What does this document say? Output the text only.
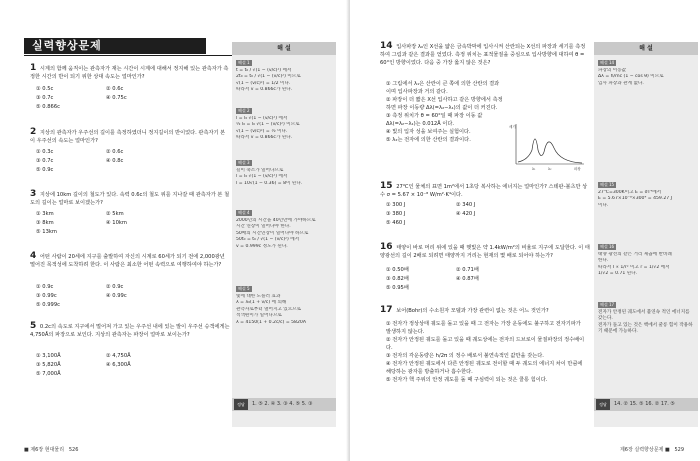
실력향상문제
1 시계의 함께 움직이는 관측자가 재는 시간이 시계에 대해서 정지해 있는 관측자가 측정한 시간의 반이 되기 위한 상대 속도는 얼마인가?
① 0.5c	② 0.6c
③ 0.7c	④ 0.75c
⑤ 0.866c
2 지상의 관측자가 우주선의 길이를 측정하였더니 정지길이의 반이었다. 관측자기 본 이 우주선의 속도는 얼마인가?
① 0.3c	② 0.6c
③ 0.7c	④ 0.8c
⑤ 0.9c
3 지상에 10km 길이의 철도가 있다. 속력 0.6c의 철도 위를 지나갈 때 관측자가 본 철도의 길이는 얼마로 보이겠는가?
① 3km	② 5km
③ 8km	④ 10km
⑤ 13km
4 어떤 사람이 20세에 지구를 출발하여 자신의 시계로 60세가 되기 전에 2,000광년 떨어진 목적성에 도착하려 한다. 이 사람은 최소한 어떤 속력으로 여행하여야 하는가?
① 0.9c	② 0.9c
③ 0.99c	④ 0.99c
⑤ 0.999c
5 0.2c의 속도로 지구에서 멀어져 가고 있는 우주선 내에 있는 발이 우주선 승객에게는 4,750Å의 파장으로 보인다. 지상의 관측자는 파장이 얼마로 보이는가?
① 3,100Å	② 4,750Å
③ 5,820Å	④ 6,300Å
⑤ 7,000Å
해 설
해설 1
t = t₀ / √(1 − (v/c)²) 에서
2t₀ = t₀ / √(1 − (v/c)²) 이므로
√(1 − (v/c)²) = 1/2 이다.
따라서 v = 0.866c가 된다.
해설 2
l = l₀ √(1 − (v/c)²) 에서
½ l₀ = l₀ √(1 − (v/c)²) 이므로
√(1 − (v/c)²) = ½ 이다.
따라서 v = 0.866c가 된다.
해설 3
길이 축소가 일어나므로
l = l₀ √(1 − (v/c)²) 에서
l = 10√(1 − 0.36) = 8이 된다.
해설 4
2000년의 시간을 40년만에 가야하므로
시간 연장이 일어나야 한다.
50배의 시간연장이 일어나야 하므로
50t₀ = t₀ / √(1 − (v/c)²) 에서
v = 0.999c 정도가 된다.
해설 5
빛에 대한 도플러 효과
λ = λ₀(1 + v/c) 에 의해
관측자로부터 멀어지고 있으므로
적색편이가 일어나므로
λ = 4150(1 + 0.2c/c) = 5820Å
정답	1. ⑤ 2. ④ 3. ③ 4. ⑤ 5. ③
■ 제6장 현대물리 526
14 입사파장 λ₀인 X선을 얇은 금속박막에 입사시켜 산란되는 X선의 파장과 세기를 측정하여 그림과 같은 결과를 얻었다. 측정 위치는 표적물질을 중심으로 입사방향에 대하여 θ = 60°인 방향이었다. 다음 중 가장 옳지 않은 것은?
① 그림에서 λ₁은 산란이 큰 쪽에 의한 산란의 결과이며 입사파장과 거의 같다.
② 파장이 더 짧은 X선 입사하고 같은 방향에서 측정하면 파장 이동량 Δλ(=λ₂−λ₁)의 값이 더 커진다.
③ 측정 위치가 θ = 60°일 때 파장 이동 값 Δλ(=λ₂−λ₁)는 0.012Å 이다.
④ 빛의 입자 성을 보여주는 실험이다.
⑤ λ₂는 전자에 의한 산란의 결과이다.
세기
파장
λ₁	λ₂
15 27℃인 물체의 표면 1m²에서 1초당 복사하는 에너지는 얼마인가? 스테판-볼츠만 상수 σ = 5.67 × 10⁻⁸ W/m²·K⁴이다.
① 300 J	② 340 J
③ 380 J	④ 420 J
⑤ 460 J
16 태양이 바로 머리 위에 있을 때 햇빛은 약 1.4kW/m²의 비율로 지구에 도달한다. 이 태양광선의 길이 2배로 되려면 태양까지 거리는 현재의 몇 배로 되어야 하는가?
① 0.50배	② 0.71배
③ 0.82배	④ 0.87배
⑤ 0.95배
17 보어(Bohr)의 수소원자 모델과 가장 관련이 없는 것은 어느 것인가?
① 전자가 정상상태 궤도를 돌고 있을 때 그 전자는 가장 운동에도 불구하고 전자기파가 발생하지 않는다.
② 전자가 안정된 궤도를 돌고 있을 때 궤도상에는 전자의 드브로이 물질파장의 정수배이다.
③ 전자의 각운동량은 h/2π 의 정수 배로서 불연속적인 값만을 갖는다.
④ 전자가 안정된 궤도에서 다른 안정된 궤도로 전이할 때 두 궤도의 에너지 차이 만큼에 해당하는 광자를 방출하거나 흡수한다.
⑤ 전자가 핵 주위의 안정 궤도를 돌 때 구심력이 되는 것은 쿨롱 힘이다.
해 설
해설 14
파장의 이동값
Δλ = h/mc (1 − cos θ) 이므로
입사 파장과 관계 없다.
해설 15
27℃=300K이고 E = σT⁴에서
E = 5.67×10⁻⁸×300⁴ = 459.27 J
이다.
해설 16
태양 광선의 같은 거리 제곱에 반비례
한다.
따라서 I ∝ 1/r² 이고 r = 1/√2 에서
1/√2 = 0.71 된다.
해설 17
전자가 안정된 궤도에서 불연속 적인 에너지를 갖는다.
전자가 돌고 있는 것은 핵에서 쿨롱 힘이 작용하기 때문에 가능하다.
정답	14. ② 15. ⑤ 16. ② 17. ⑤
제6장 실력향상문제 ■ 529
